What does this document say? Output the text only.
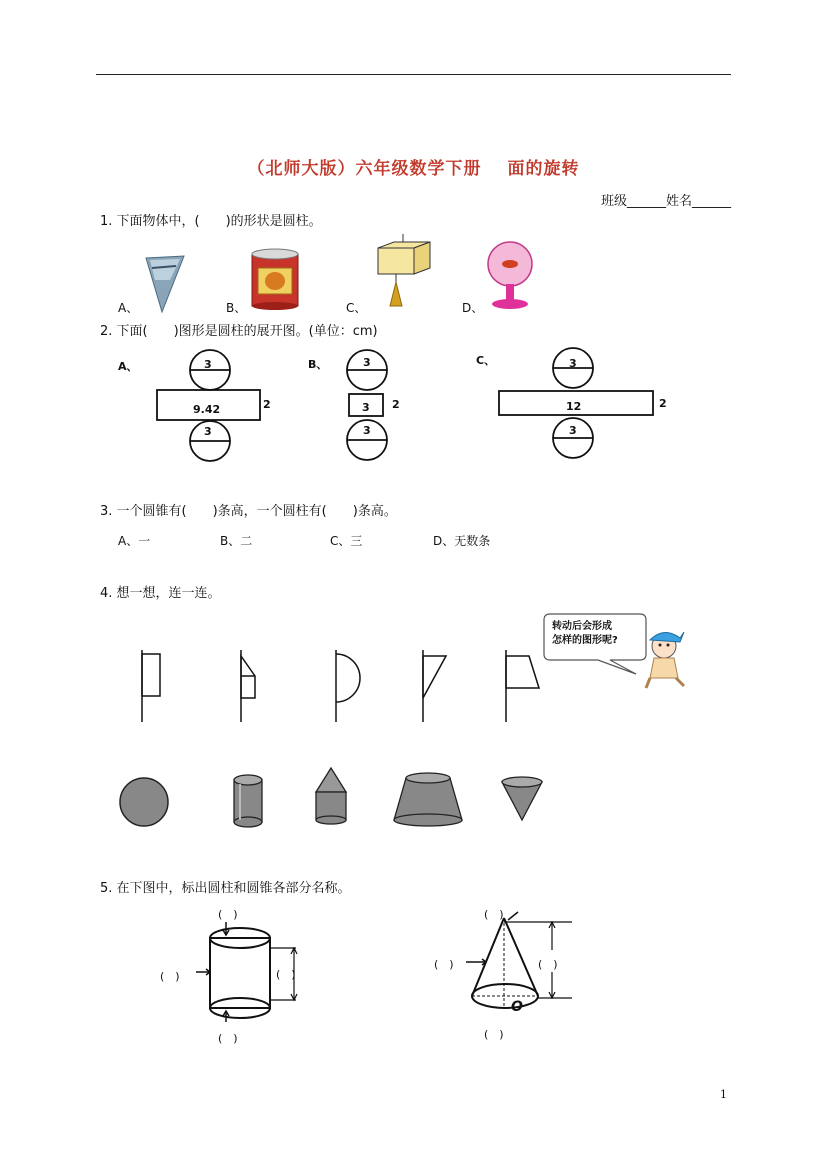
（北师大版）六年级数学下册 面的旋转
班级______姓名______
1. 下面物体中，(　　)的形状是圆柱。
A、	B、	C、	D、
2. 下面(　　)图形是圆柱的展开图。(单位：cm)
A、	3
9.42
3
2
B、	3
3
3
2
C、	3
12
3
2
3. 一个圆锥有(　　)条高，一个圆柱有(　　)条高。
A、一	B、二	C、三	D、无数条
4. 想一想，连一连。
转动后会形成
怎样的图形呢?
5. 在下图中，标出圆柱和圆锥各部分名称。
(　)
(　)	(　)
(　)
(　)
(　)	(　)
O
(　)
1
